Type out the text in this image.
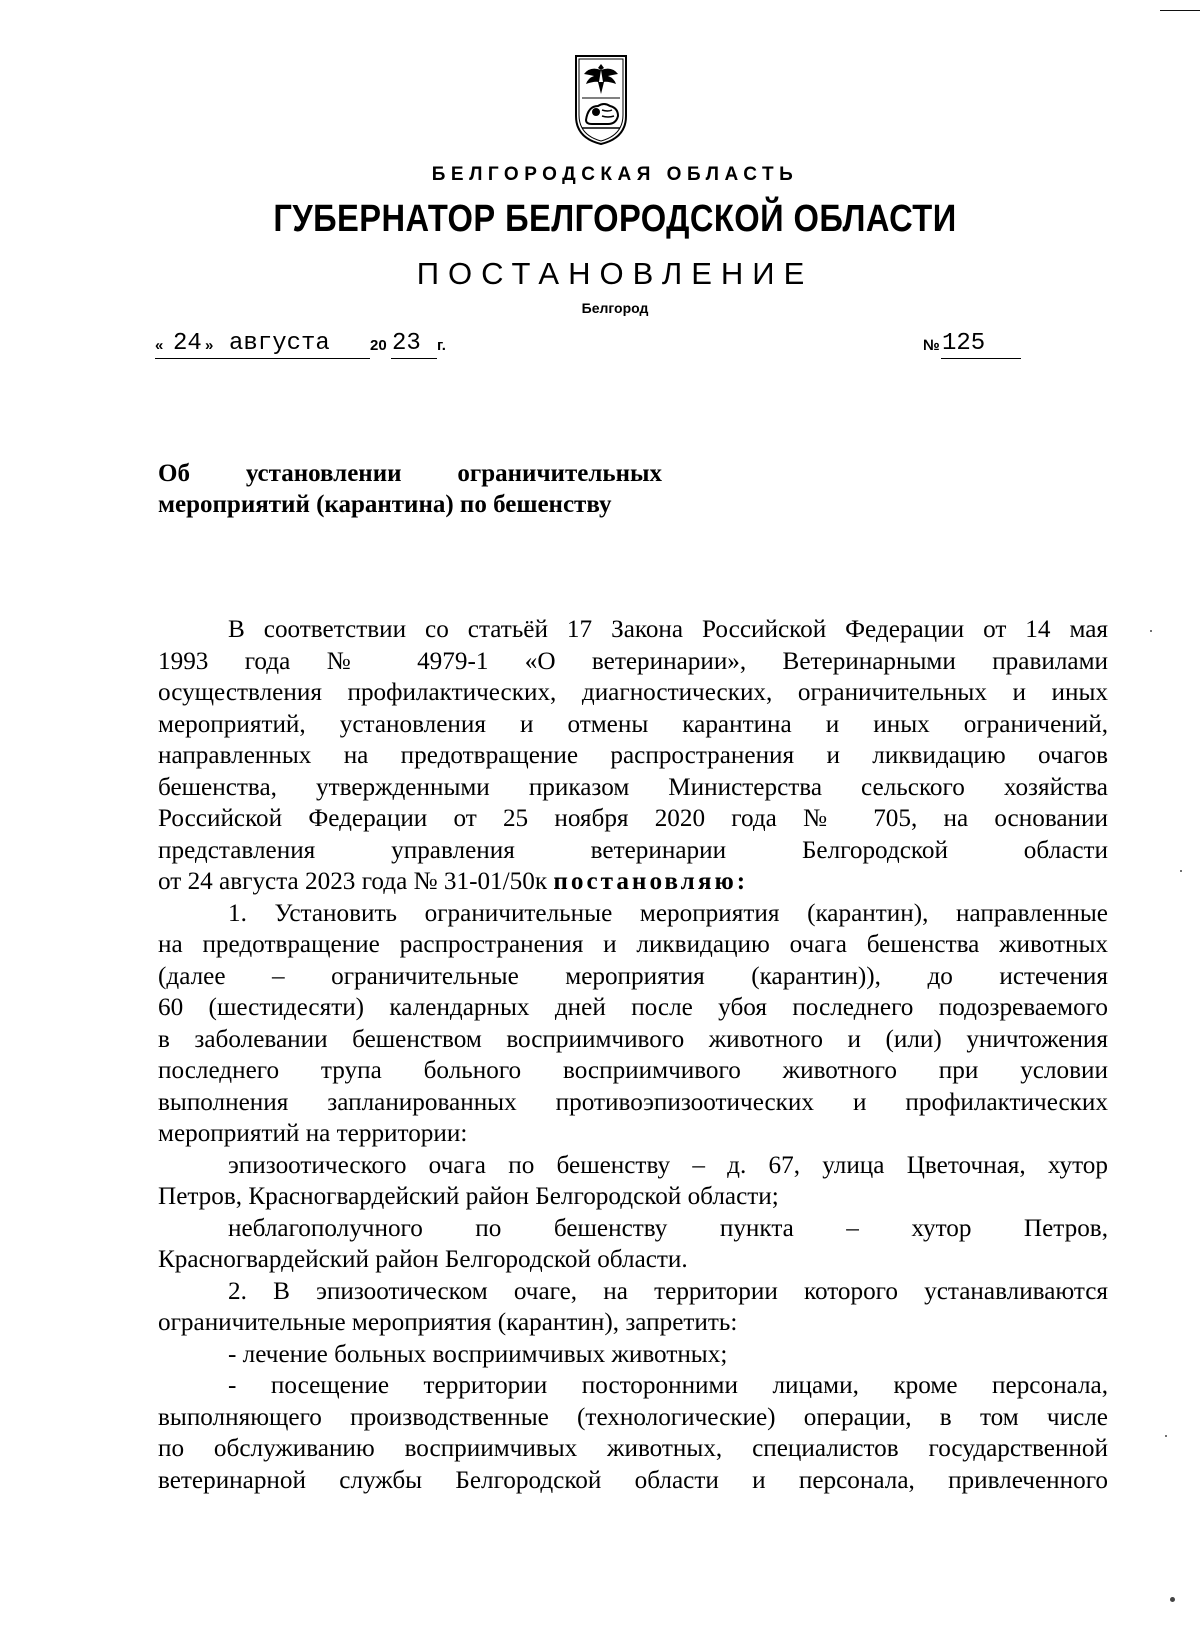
БЕЛГОРОДСКАЯ ОБЛАСТЬ
ГУБЕРНАТОР БЕЛГОРОДСКОЙ ОБЛАСТИ
ПОСТАНОВЛЕНИЕ
Белгород
« 24 » августа	20 23 г.	№ 125
Об установлении ограничительных
мероприятий (карантина) по бешенству
В соответствии со статьёй 17 Закона Российской Федерации от 14 мая
1993 года № 4979-1 «О ветеринарии», Ветеринарными правилами
осуществления профилактических, диагностических, ограничительных и иных
мероприятий, установления и отмены карантина и иных ограничений,
направленных на предотвращение распространения и ликвидацию очагов
бешенства, утвержденными приказом Министерства сельского хозяйства
Российской Федерации от 25 ноября 2020 года № 705, на основании
представления управления ветеринарии Белгородской области
от 24 августа 2023 года № 31-01/50к постановляю:
1. Установить ограничительные мероприятия (карантин), направленные
на предотвращение распространения и ликвидацию очага бешенства животных
(далее – ограничительные мероприятия (карантин)), до истечения
60 (шестидесяти) календарных дней после убоя последнего подозреваемого
в заболевании бешенством восприимчивого животного и (или) уничтожения
последнего трупа больного восприимчивого животного при условии
выполнения запланированных противоэпизоотических и профилактических
мероприятий на территории:
эпизоотического очага по бешенству – д. 67, улица Цветочная, хутор
Петров, Красногвардейский район Белгородской области;
неблагополучного по бешенству пункта – хутор Петров,
Красногвардейский район Белгородской области.
2. В эпизоотическом очаге, на территории которого устанавливаются
ограничительные мероприятия (карантин), запретить:
- лечение больных восприимчивых животных;
- посещение территории посторонними лицами, кроме персонала,
выполняющего производственные (технологические) операции, в том числе
по обслуживанию восприимчивых животных, специалистов государственной
ветеринарной службы Белгородской области и персонала, привлеченного
